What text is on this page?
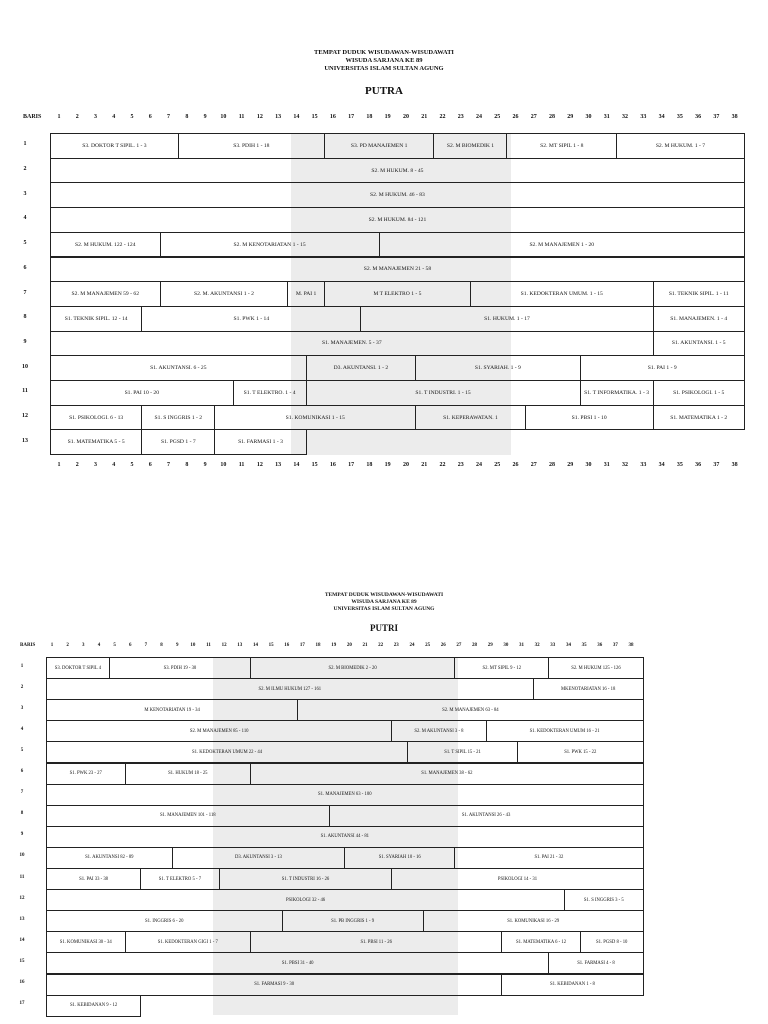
TEMPAT DUDUK WISUDAWAN-WISUDAWATI
WISUDA SARJANA KE 89
UNIVERSITAS ISLAM SULTAN AGUNG
PUTRA
BARIS	1	2	3	4	5	6	7	8	9	10	11	12	13	14	15	16	17	18	19	20	21	22	23	24	25	26	27	28	29	30	31	32	33	34	35	36	37	38
1	S3. DOKTOR T SIPIL. 1 - 3	S3. PDIH 1 - 18	S3. PD MANAJEMEN 1	S2. M BIOMEDIK 1	S2. MT SIPIL 1 - 8	S2. M HUKUM. 1 - 7
2	S2. M HUKUM. 8 - 45
3	S2. M HUKUM. 46 - 83
4	S2. M HUKUM. 84 - 121
5	S2. M HUKUM. 122 - 124	S2. M KENOTARIATAN 1 - 15	S2. M MANAJEMEN 1 - 20
6	S2. M MANAJEMEN 21 - 58
7	S2. M MANAJEMEN 59 - 62	S2. M. AKUNTANSI 1 - 2	M. PAI 1	M T ELEKTRO 1 - 5	S1. KEDOKTERAN UMUM. 1 - 15	S1. TEKNIK SIPIL. 1 - 11
8	S1. TEKNIK SIPIL. 12 - 14	S1. PWK 1 - 14	S1. HUKUM. 1 - 17	S1. MANAJEMEN. 1 - 4
9	S1. MANAJEMEN. 5 - 37	S1. AKUNTANSI. 1 - 5
10	S1. AKUNTANSI. 6 - 25	D3. AKUNTANSI. 1 - 2	S1. SYARIAH. 1 - 9	S1. PAI 1 - 9
11	S1. PAI 10 - 20	S1. T ELEKTRO. 1 - 4	S1. T INDUSTRI. 1 - 15	S1. T INFORMATIKA. 1 - 3	S1. PSIKOLOGI. 1 - 5
12	S1. PSIKOLOGI. 6 - 13	S1. S INGGRIS 1 - 2	S1. KOMUNIKASI 1 - 15	S1. KEPERAWATAN. 1	S1. PBSI 1 - 10	S1. MATEMATIKA 1 - 2
13	S1. MATEMATIKA 5 - 5	S1. PGSD 1 - 7	S1. FARMASI 1 - 3
1	2	3	4	5	6	7	8	9	10	11	12	13	14	15	16	17	18	19	20	21	22	23	24	25	26	27	28	29	30	31	32	33	34	35	36	37	38
TEMPAT DUDUK WISUDAWAN-WISUDAWATI
WISUDA SARJANA KE 89
UNIVERSITAS ISLAM SULTAN AGUNG
PUTRI
BARIS	1	2	3	4	5	6	7	8	9	10	11	12	13	14	15	16	17	18	19	20	21	22	23	24	25	26	27	28	29	30	31	32	33	34	35	36	37	38
1	S3. DOKTOR T SIPIL 4	S3. PDIH 19 - 30	S2. M BIOMEDIK 2 - 20	S2. MT SIPIL 9 - 12	S2. M HUKUM 125 - 126
2	S2. M ILMU HUKUM 127 - 161	MKENOTARIATAN 16 - 18
3	M KENOTARIATAN 19 - 34	S2. M MANAJEMEN 63 - 84
4	S2. M MANAJEMEN 85 - 110	S2. M AKUNTANSI 3 - 8	S1. KEDOKTERAN UMUM 16 - 21
5	S1. KEDOKTERAN UMUM 22 - 44	S1. T SIPIL 15 - 21	S1. PWK 15 - 22
6	S1. PWK 23 - 27	S1. HUKUM 18 - 25	S1. MANAJEMEN 38 - 62
7	S1. MANAJEMEN 63 - 100
8	S1. MANAJEMEN 101 - 118	S1. AKUNTANSI 26 - 43
9	S1. AKUNTANSI 44 - 81
10	S1. AKUNTANSI 82 - 89	D3. AKUNTANSI 3 - 13	S1. SYARIAH 10 - 16	S1. PAI 21 - 32
11	S1. PAI 33 - 38	S1. T ELEKTRO 5 - 7	S1. T INDUSTRI 16 - 26	PSIKOLOGI 14 - 31
12	PSIKOLOGI 32 - 46	S1. S INGGRIS 3 - 5
13	S1. INGGRIS 6 - 20	S1. PB INGGRIS 1 - 9	S1. KOMUNIKASI 16 - 29
14	S1. KOMUNIKASI 30 - 34	S1. KEDOKTERAN GIGI 1 - 7	S1. PBSI 11 - 26	S1. MATEMATIKA 6 - 12	S1. PGSD 8 - 10
15	S1. PBSI 31 - 40	S1. FARMASI 4 - 8
16	S1. FARMASI 9 - 30	S1. KEBIDANAN 1 - 8
17	S1. KEBIDANAN 9 - 12
